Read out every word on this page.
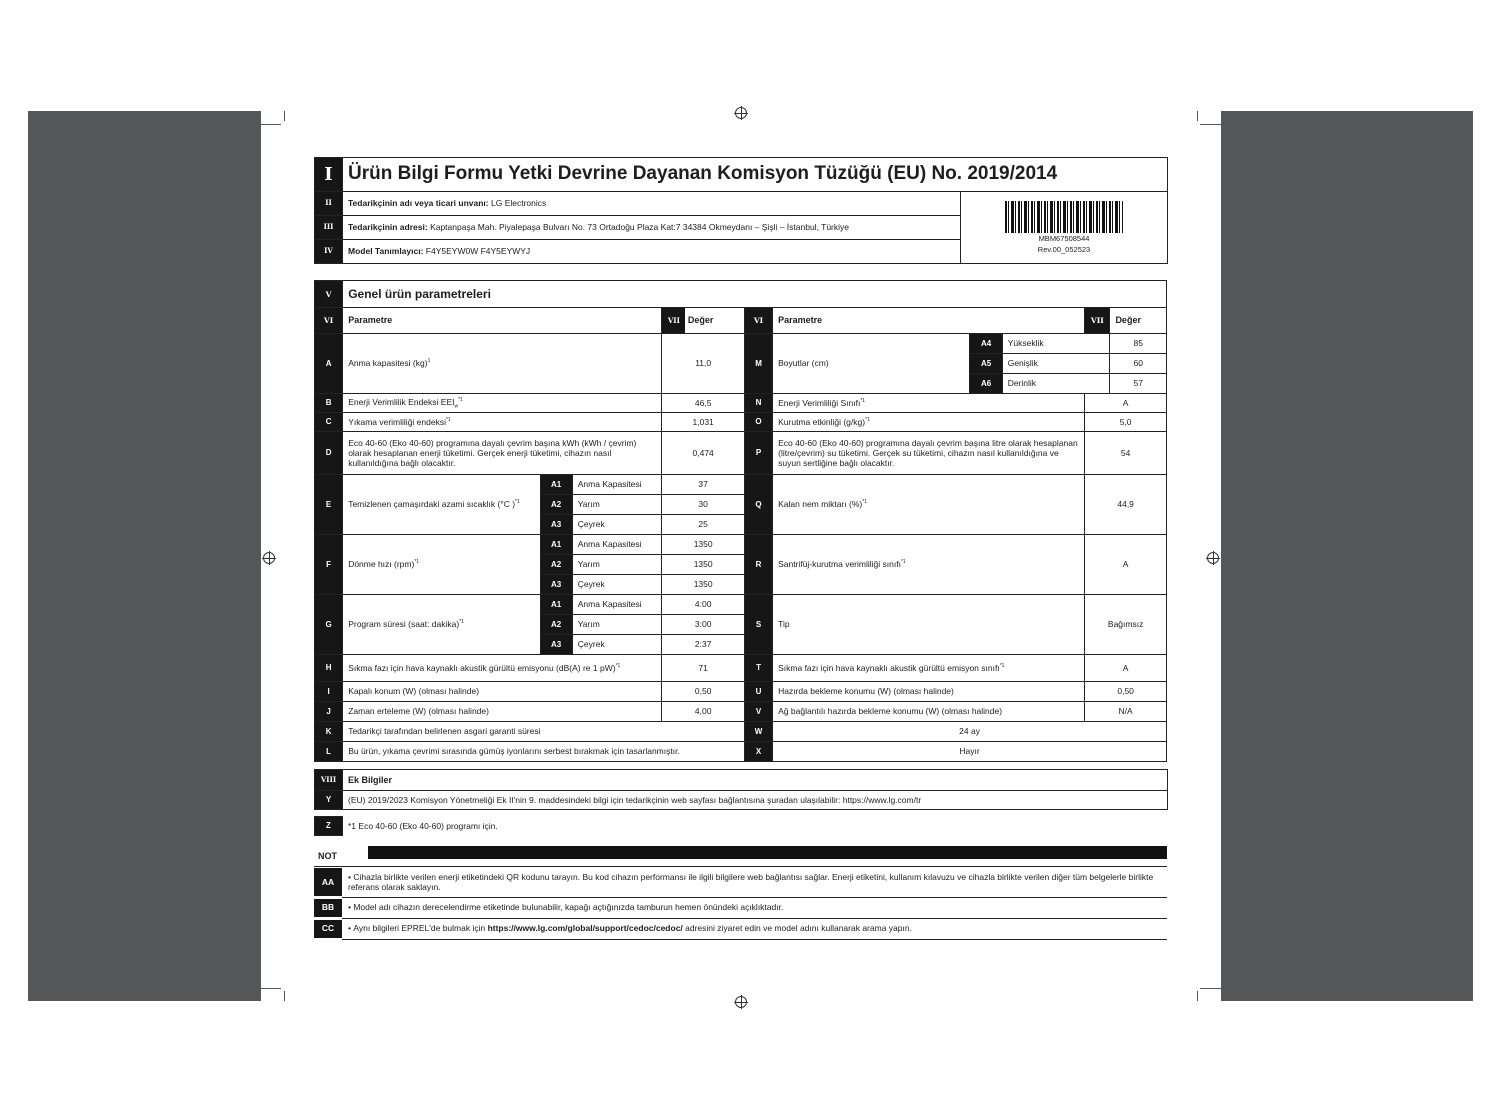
I	Ürün Bilgi Formu Yetki Devrine Dayanan Komisyon Tüzüğü (EU) No. 2019/2014	
II	Tedarikçinin adı veya ticari unvanı: LG Electronics	MBM67508544
Rev.00_052523

III	Tedarikçinin adresi: Kaptanpaşa Mah. Piyalepaşa Bulvarı No. 73 Ortadoğu Plaza Kat:7 34384 Okmeydanı – Şişli – İstanbul, Türkiye	
IV	Model Tanımlayıcı: F4Y5EYW0W F4Y5EYWYJ	
V	Genel ürün parametreleri									
VI	Parametre			VII Değer	VI	Parametre			VII	Değer
A	Anma kapasitesi (kg)$^1$			11,0	M	Boyutlar (cm)	A4	Yükseklik		85
							A5	Genişlik		60
							A6	Derinlik		57
B	Enerji Verimlilik Endeksi $EEI_w^{*1}$			46,5	N	Enerji Verimliliği Sınıfı$^{*1}$			A	
C	Yıkama verimliliği endeksi$^{*1}$			1,031	O	Kurutma etkinliği $(g/kg)^{*1}$			5,0	
D	Eco 40-60 (Eko 40-60) programına dayalı çevrim başına kWh (kWh / çevrim) olarak hesaplanan enerji tüketimi. Gerçek enerji tüketimi, cihazın nasıl kullanıldığına bağlı olacaktır.			0,474	P	Eco 40-60 (Eko 40-60) programına dayalı çevrim başına litre olarak hesaplanan (litre/çevrim) su tüketimi. Gerçek su tüketimi, cihazın nasıl kullanıldığına ve suyun sertliğine bağlı olacaktır.			54	
E	Temizlenen çamaşırdaki azami sıcaklık (°C )$^{*1}$	A1	Anma Kapasitesi	37	Q	Kalan nem miktarı (%)$^{*1}$			44,9	
		A2	Yarım	30						
		A3	Çeyrek	25						
F	Dönme hızı (rpm)$^{*1}$	A1	Anma Kapasitesi	1350	R	Santrifüj-kurutma verimliliği sınıfı$^{*1}$			A	
		A2	Yarım	1350						
		A3	Çeyrek	1350						
G	Program süresi (saat: dakika)$^{*1}$	A1	Anma Kapasitesi	4:00	S	Tip			Bağımsız	
		A2	Yarım	3:00						
		A3	Çeyrek	2:37						
H	Sıkma fazı için hava kaynaklı akustik gürültü emisyonu (dB(A) re 1 pW)$^{*1}$			71	T	Sıkma fazı için hava kaynaklı akustik gürültü emisyon sınıfı$^{*1}$			A	
I	Kapalı konum (W) (olması halinde)			0,50	U	Hazırda bekleme konumu (W) (olması halinde)			0,50	
J	Zaman erteleme (W) (olması halinde)			4,00	V	Ağ bağlantılı hazırda bekleme konumu (W) (olması halinde)			N/A	
K	Tedarikçi tarafından belirlenen asgari garanti süresi				W	24 ay				
L	Bu ürün, yıkama çevrimi sırasında gümüş iyonlarını serbest bırakmak için tasarlanmıştır.				X	Hayır				
VIII	Ek Bilgiler
Y	(EU) 2019/2023 Komisyon Yönetmeliği Ek II'nin 9. maddesindeki bilgi için tedarikçinin web sayfası bağlantısına şuradan ulaşılabilir: https://www.lg.com/tr
Z	*1 Eco 40-60 (Eko 40-60) programı için.
NOT
AA	• Cihazla birlikte verilen enerji etiketindeki QR kodunu tarayın. Bu kod cihazın performansı ile ilgili bilgilere web bağlantısı sağlar. Enerji etiketini, kullanım kılavuzu ve cihazla birlikte verilen diğer tüm belgelerle birlikte referans olarak saklayın.
BB	• Model adı cihazın derecelendirme etiketinde bulunabilir, kapağı açtığınızda tamburun hemen önündeki açıklıktadır.
CC	• Aynı bilgileri EPREL'de bulmak için https://www.lg.com/global/support/cedoc/cedoc/ adresini ziyaret edin ve model adını kullanarak arama yapın.
